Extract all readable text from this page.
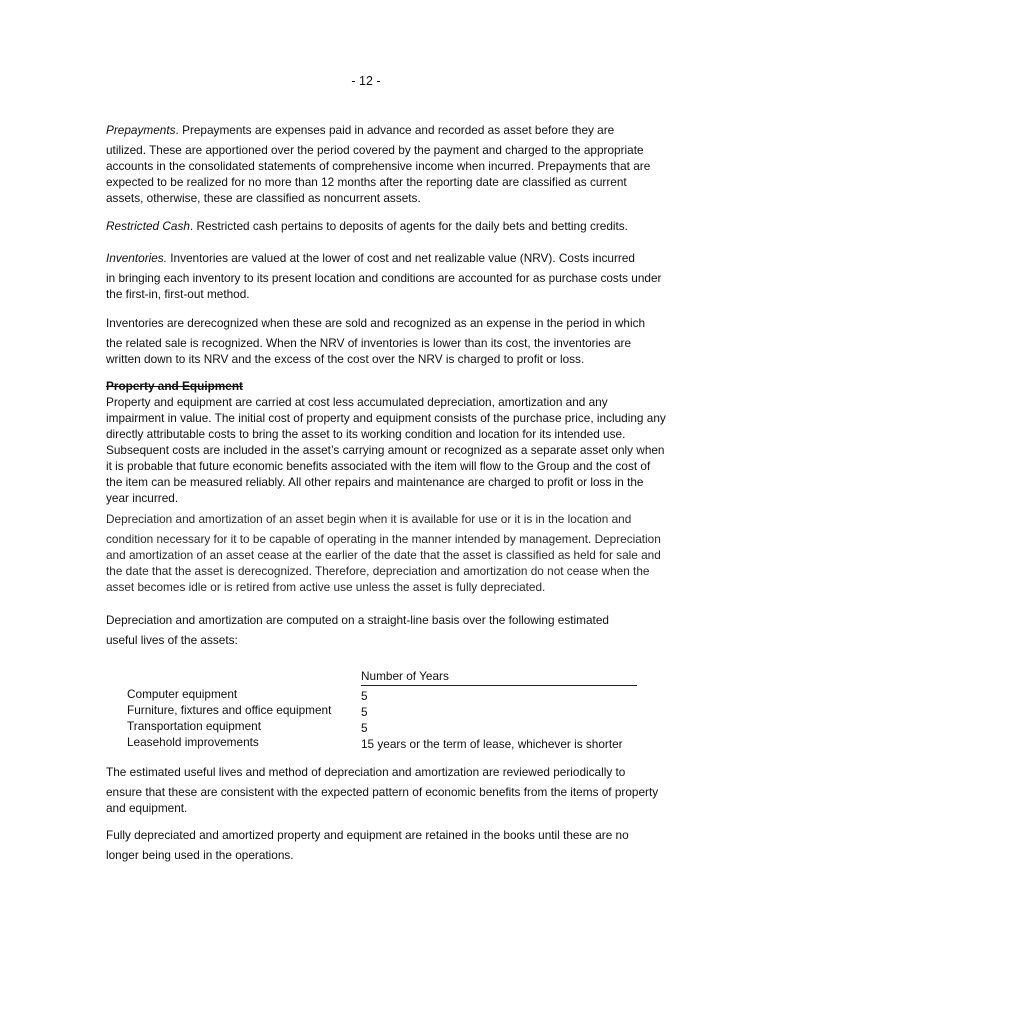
- 12 -

Prepayments. Prepayments are expenses paid in advance and recorded as asset before they are
utilized. These are apportioned over the period covered by the payment and charged to the appropriate accounts in the consolidated statements of comprehensive income when incurred. Prepayments that are expected to be realized for no more than 12 months after the reporting date are classified as current assets, otherwise, these are classified as noncurrent assets.

Restricted Cash. Restricted cash pertains to deposits of agents for the daily bets and betting credits.

Inventories. Inventories are valued at the lower of cost and net realizable value (NRV). Costs incurred
in bringing each inventory to its present location and conditions are accounted for as purchase costs under the first-in, first-out method.

Inventories are derecognized when these are sold and recognized as an expense in the period in which
the related sale is recognized. When the NRV of inventories is lower than its cost, the inventories are written down to its NRV and the excess of the cost over the NRV is charged to profit or loss.

Property and Equipment

Property and equipment are carried at cost less accumulated depreciation, amortization and any impairment in value. The initial cost of property and equipment consists of the purchase price, including any directly attributable costs to bring the asset to its working condition and location for its intended use. Subsequent costs are included in the asset’s carrying amount or recognized as a separate asset only when it is probable that future economic benefits associated with the item will flow to the Group and the cost of the item can be measured reliably. All other repairs and maintenance are charged to profit or loss in the year incurred.

Depreciation and amortization of an asset begin when it is available for use or it is in the location and
condition necessary for it to be capable of operating in the manner intended by management. Depreciation and amortization of an asset cease at the earlier of the date that the asset is classified as held for sale and the date that the asset is derecognized. Therefore, depreciation and amortization do not cease when the asset becomes idle or is retired from active use unless the asset is fully depreciated.

Depreciation and amortization are computed on a straight-line basis over the following estimated
useful lives of the assets:

Number of Years
Computer equipment	5
Furniture, fixtures and office equipment	5
Transportation equipment	5
Leasehold improvements	15 years or the term of lease, whichever is shorter

The estimated useful lives and method of depreciation and amortization are reviewed periodically to
ensure that these are consistent with the expected pattern of economic benefits from the items of property and equipment.

Fully depreciated and amortized property and equipment are retained in the books until these are no
longer being used in the operations.
